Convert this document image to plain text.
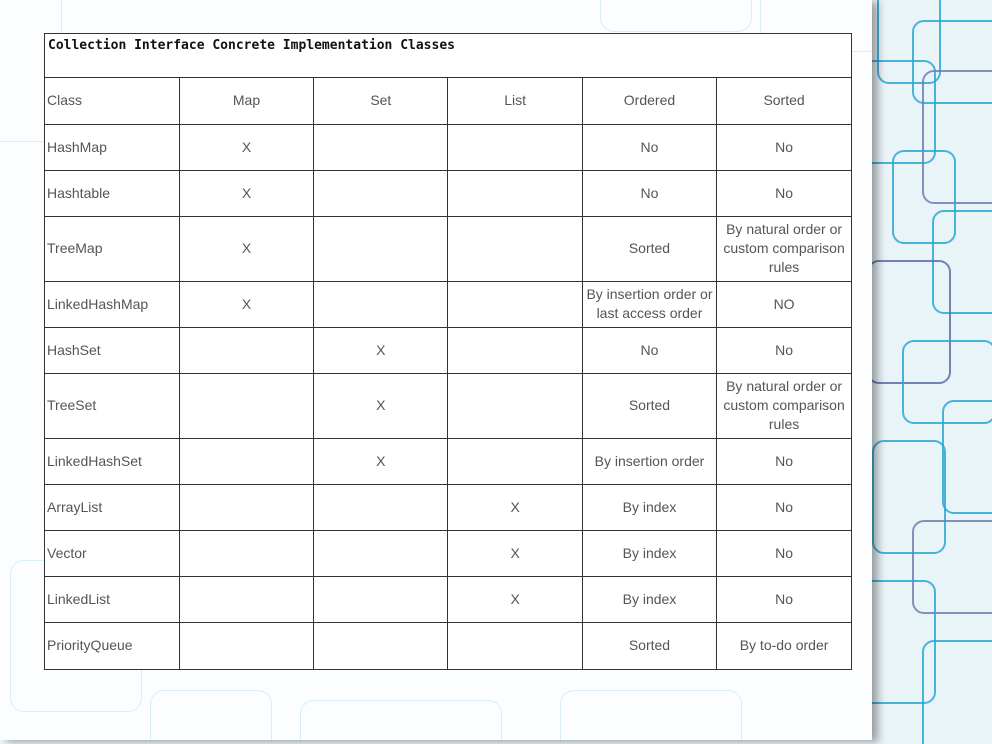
Collection Interface Concrete Implementation Classes
Class	Map	Set	List	Ordered	Sorted
HashMap	X			No	No
Hashtable	X			No	No
TreeMap	X			Sorted	By natural order or custom comparison rules
LinkedHashMap	X			By insertion order or last access order	NO
HashSet		X		No	No
TreeSet		X		Sorted	By natural order or custom comparison rules
LinkedHashSet		X		By insertion order	No
ArrayList			X	By index	No
Vector			X	By index	No
LinkedList			X	By index	No
PriorityQueue				Sorted	By to-do order
